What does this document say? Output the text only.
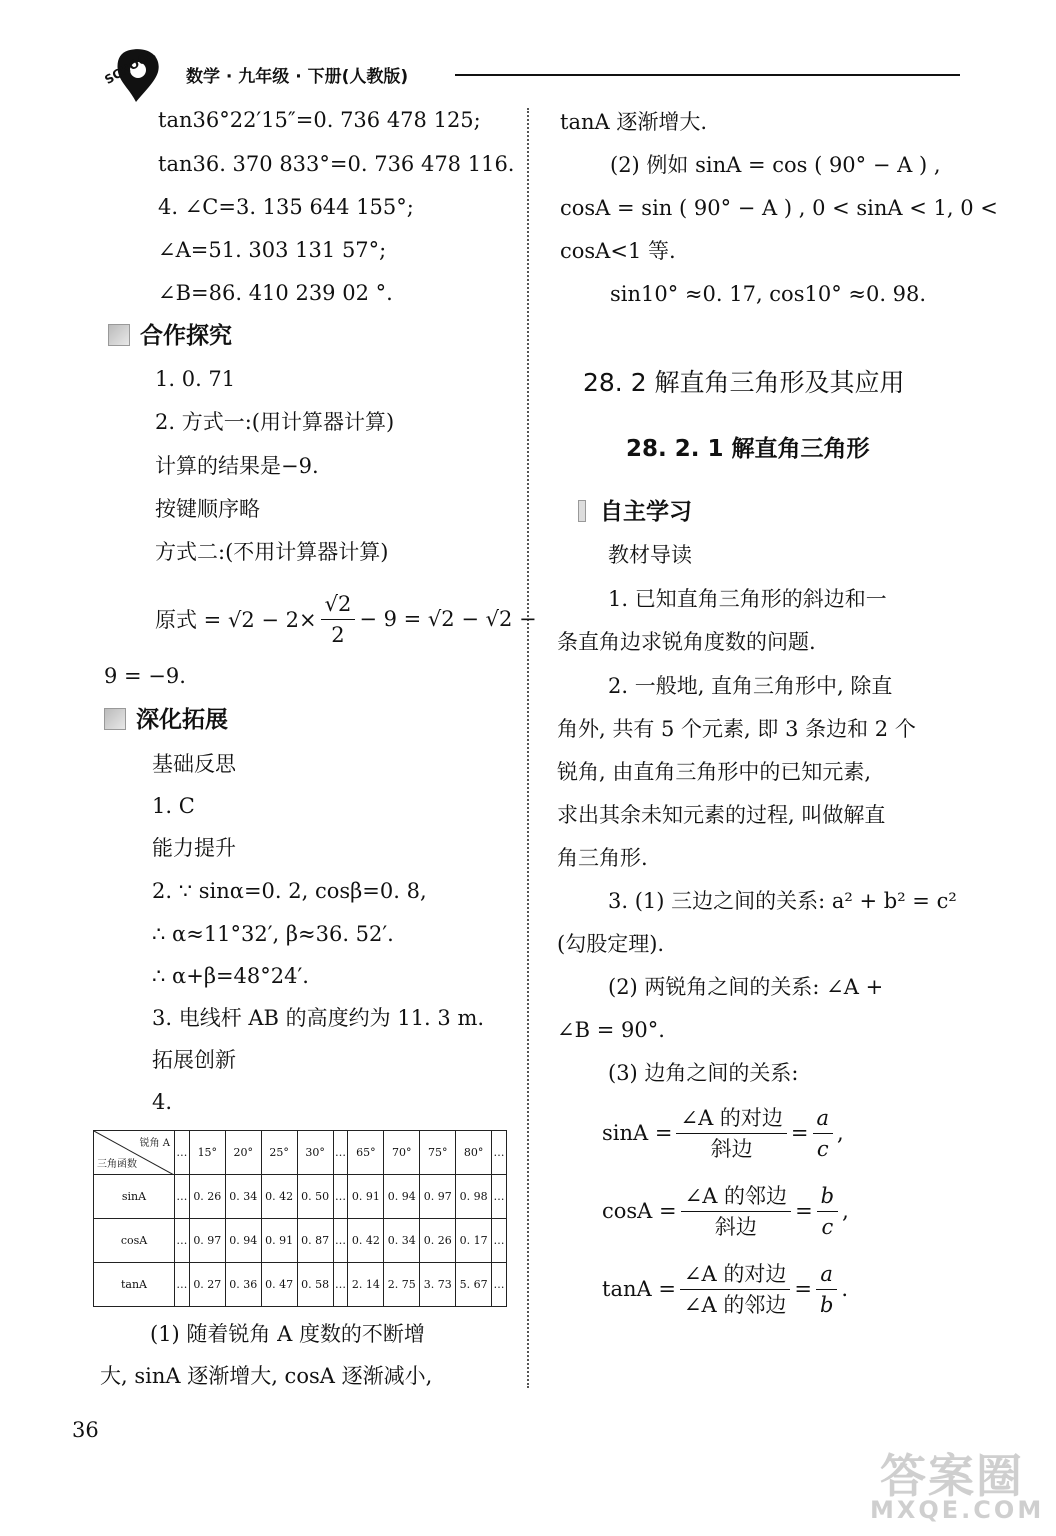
SCHOOL 数学 · 九年级 · 下册(人教版)
tan36°22′15″=0. 736 478 125;
tan36. 370 833°=0. 736 478 116.
4. ∠C=3. 135 644 155°;
∠A=51. 303 131 57°;
∠B=86. 410 239 02 °.
合作探究
1. 0. 71
2. 方式一:(用计算器计算)
计算的结果是−9.
按键顺序略
方式二:(不用计算器计算)
原式 = $√2 - 2\times \frac{√2}{2} - 9 = √2 - √2$ −
9 = −9.
深化拓展
基础反思
1. C
能力提升
2. ∵ sinα=0. 2, cosβ=0. 8,
∴ α≈11°32′, β≈36. 52′.
∴ α+β=48°24′.
3. 电线杆 AB 的高度约为 11. 3 m.
拓展创新
4.
锐角 A
三角函数	…	15°	20°	25°	30°	…	65°	70°	75°	80°	…
sinA	…	0. 26	0. 34	0. 42	0. 50	…	0. 91	0. 94	0. 97	0. 98	…
cosA	…	0. 97	0. 94	0. 91	0. 87	…	0. 42	0. 34	0. 26	0. 17	…
tanA	…	0. 27	0. 36	0. 47	0. 58	…	2. 14	2. 75	3. 73	5. 67	…
(1) 随着锐角 A 度数的不断增
大, sinA 逐渐增大, cosA 逐渐减小,
tanA 逐渐增大.
(2) 例如 sinA = cos ( 90° − A ) ,
cosA = sin ( 90° − A ) , 0 < sinA < 1, 0 <
cosA<1 等.
sin10° ≈0. 17, cos10° ≈0. 98.
28. 2 解直角三角形及其应用
28. 2. 1 解直角三角形
自主学习
教材导读
1. 已知直角三角形的斜边和一
条直角边求锐角度数的问题.
2. 一般地, 直角三角形中, 除直
角外, 共有 5 个元素, 即 3 条边和 2 个
锐角, 由直角三角形中的已知元素,
求出其余未知元素的过程, 叫做解直
角三角形.
3. (1) 三边之间的关系: a² + b² = c²
(勾股定理).
(2) 两锐角之间的关系: ∠A +
∠B = 90°.
(3) 边角之间的关系:
$\sin A = \frac{\text{∠A 的对边}}{\text{斜边}} = \frac{a}{c}$ ,
$\cos A = \frac{\text{∠A 的邻边}}{\text{斜边}} = \frac{b}{c}$ ,
$\tan A = \frac{\text{∠A 的对边}}{\text{∠A 的邻边}} = \frac{a}{b}$ .
36
答案圈
MXQE.COM
